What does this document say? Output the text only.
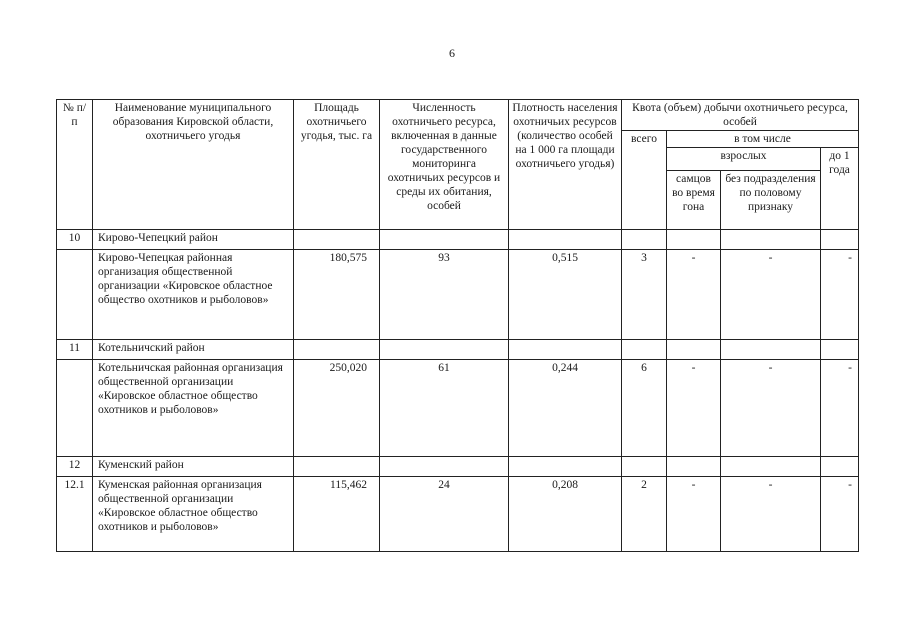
6
№ п/п	Наименование муниципального образования Кировской области, охотничьего угодья	Площадь охотничьего угодья, тыс. га	Численность охотничьего ресурса, включенная в данные государственного мониторинга охотничьих ресурсов и среды их обитания, особей	Плотность населения охотничьих ресурсов (количество особей на 1 000 га площади охотничьего угодья)	Квота (объем) добычи охотничьего ресурса, особей			
					всего	в том числе		
						взрослых		до 1 года
						самцов во время гона	без подразделения по половому признаку	
10	Кирово-Чепецкий район							
	Кирово-Чепецкая районная организация общественной организации «Кировское областное общество охотников и рыболовов»	180,575	93	0,515	3	-	-	-
11	Котельничский район							
	Котельничская районная организация общественной организации «Кировское областное общество охотников и рыболовов»	250,020	61	0,244	6	-	-	-
12	Куменский район							
12.1	Куменская районная организация общественной организации «Кировское областное общество охотников и рыболовов»	115,462	24	0,208	2	-	-	-
